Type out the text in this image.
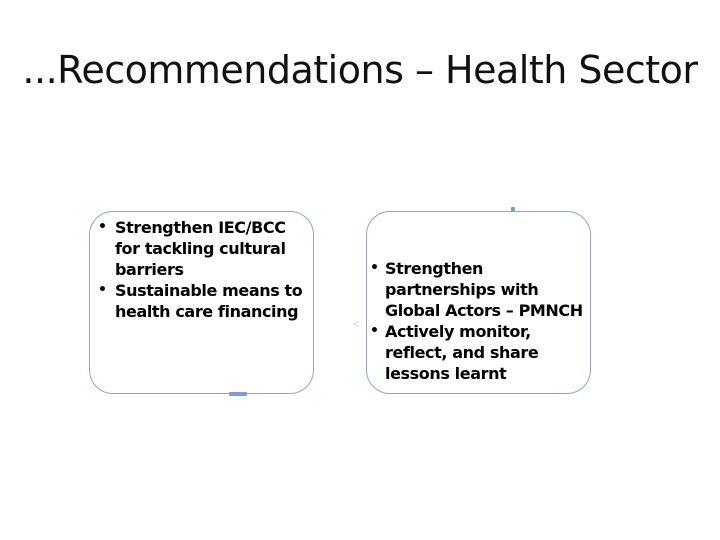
...Recommendations – Health Sector
• Strengthen IEC/BCC for tackling cultural barriers
• Sustainable means to health care financing
• Strengthen partnerships with Global Actors – PMNCH
• Actively monitor, reflect, and share lessons learnt
<
